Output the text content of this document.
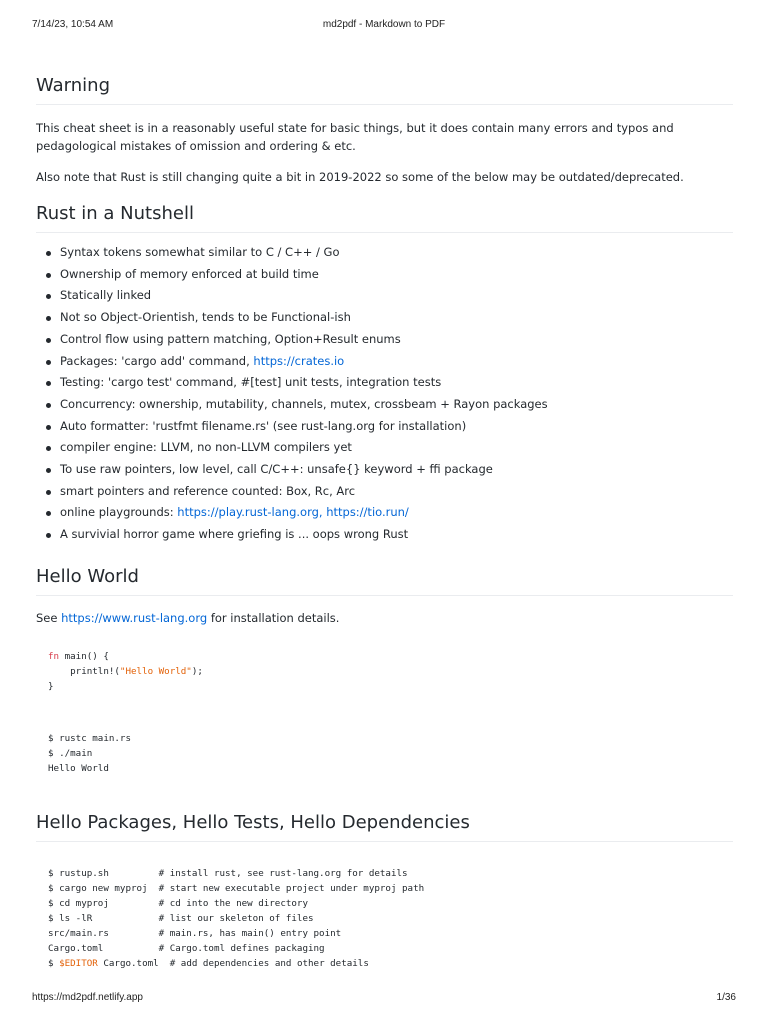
7/14/23, 10:54 AM	md2pdf - Markdown to PDF
Warning

This cheat sheet is in a reasonably useful state for basic things, but it does contain many errors and typos and pedagological mistakes of omission and ordering & etc.

Also note that Rust is still changing quite a bit in 2019-2022 so some of the below may be outdated/deprecated.

Rust in a Nutshell
Syntax tokens somewhat similar to C / C++ / Go
Ownership of memory enforced at build time
Statically linked
Not so Object-Orientish, tends to be Functional-ish
Control flow using pattern matching, Option+Result enums
Packages: 'cargo add' command, https://crates.io
Testing: 'cargo test' command, #[test] unit tests, integration tests
Concurrency: ownership, mutability, channels, mutex, crossbeam + Rayon packages
Auto formatter: 'rustfmt filename.rs' (see rust-lang.org for installation)
compiler engine: LLVM, no non-LLVM compilers yet
To use raw pointers, low level, call C/C++: unsafe{} keyword + ffi package
smart pointers and reference counted: Box, Rc, Arc
online playgrounds: https://play.rust-lang.org, https://tio.run/
A survivial horror game where griefing is ... oops wrong Rust
Hello World

See https://www.rust-lang.org for installation details.

fn main() {
println!("Hello World");
}
$ rustc main.rs
$ ./main
Hello World
Hello Packages, Hello Tests, Hello Dependencies
$ rustup.sh         # install rust, see rust-lang.org for details
$ cargo new myproj  # start new executable project under myproj path
$ cd myproj         # cd into the new directory
$ ls -lR            # list our skeleton of files
src/main.rs         # main.rs, has main() entry point
Cargo.toml          # Cargo.toml defines packaging
$ $EDITOR Cargo.toml  # add dependencies and other details
https://md2pdf.netlify.app	1/36
